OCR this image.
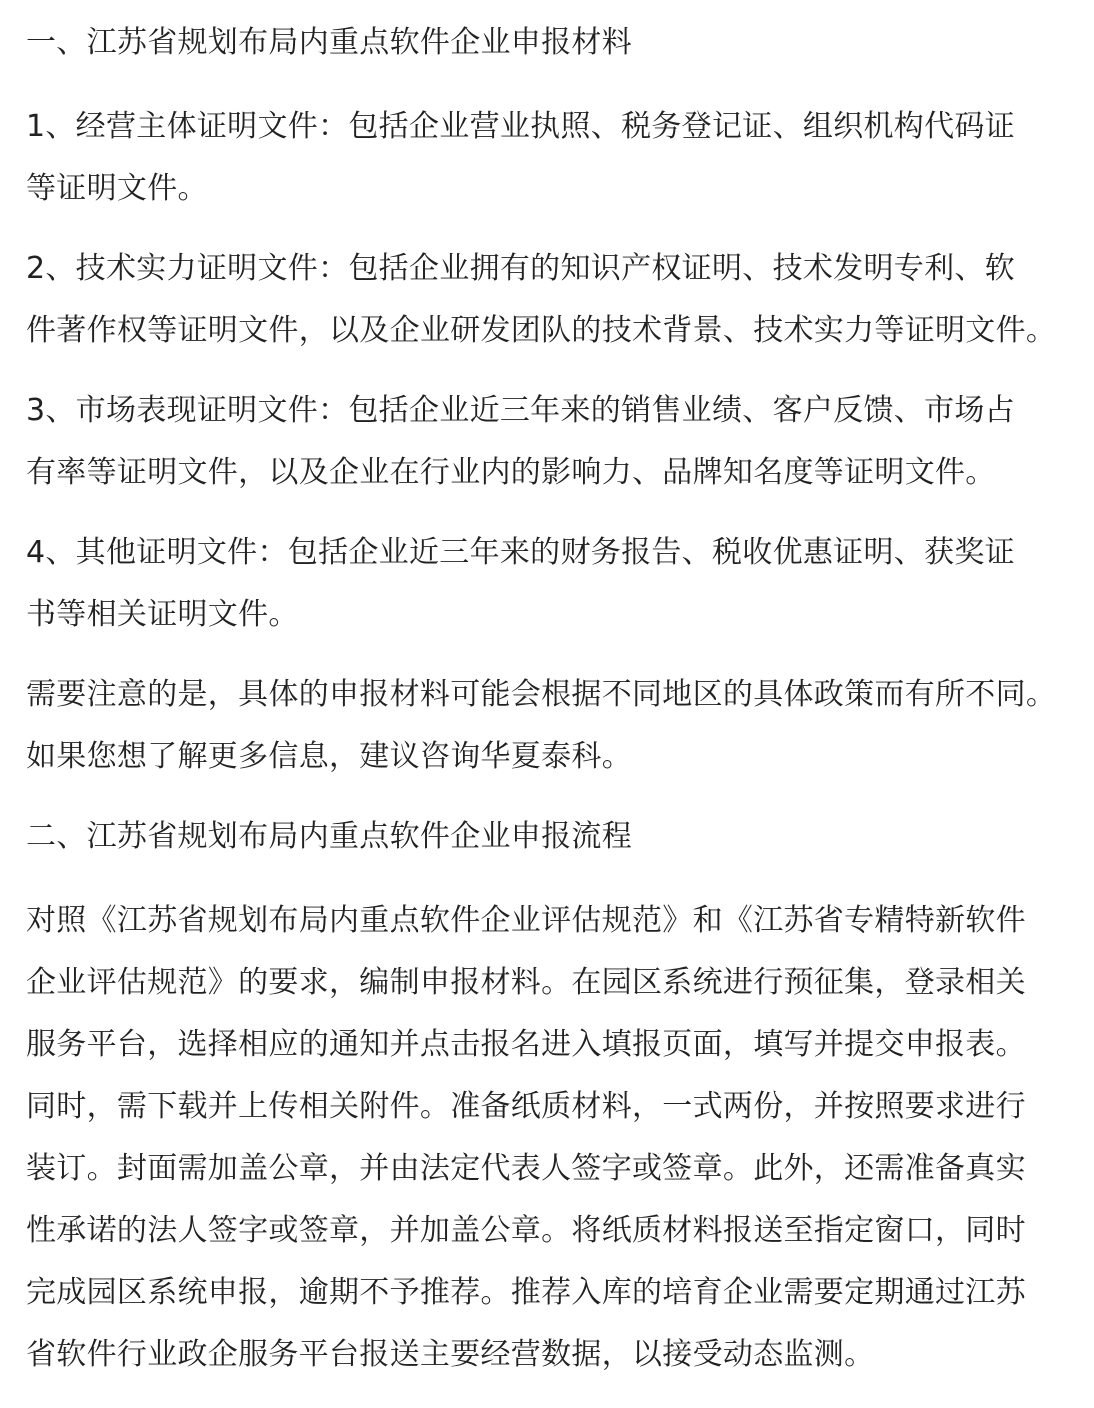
一、江苏省规划布局内重点软件企业申报材料

1、经营主体证明文件：包括企业营业执照、税务登记证、组织机构代码证
等证明文件。

2、技术实力证明文件：包括企业拥有的知识产权证明、技术发明专利、软
件著作权等证明文件，以及企业研发团队的技术背景、技术实力等证明文件。

3、市场表现证明文件：包括企业近三年来的销售业绩、客户反馈、市场占
有率等证明文件，以及企业在行业内的影响力、品牌知名度等证明文件。

4、其他证明文件：包括企业近三年来的财务报告、税收优惠证明、获奖证
书等相关证明文件。

需要注意的是，具体的申报材料可能会根据不同地区的具体政策而有所不同。
如果您想了解更多信息，建议咨询华夏泰科。

二、江苏省规划布局内重点软件企业申报流程

对照《江苏省规划布局内重点软件企业评估规范》和《江苏省专精特新软件
企业评估规范》的要求，编制申报材料。在园区系统进行预征集，登录相关
服务平台，选择相应的通知并点击报名进入填报页面，填写并提交申报表。
同时，需下载并上传相关附件。准备纸质材料，一式两份，并按照要求进行
装订。封面需加盖公章，并由法定代表人签字或签章。此外，还需准备真实
性承诺的法人签字或签章，并加盖公章。将纸质材料报送至指定窗口，同时
完成园区系统申报，逾期不予推荐。推荐入库的培育企业需要定期通过江苏
省软件行业政企服务平台报送主要经营数据，以接受动态监测。
